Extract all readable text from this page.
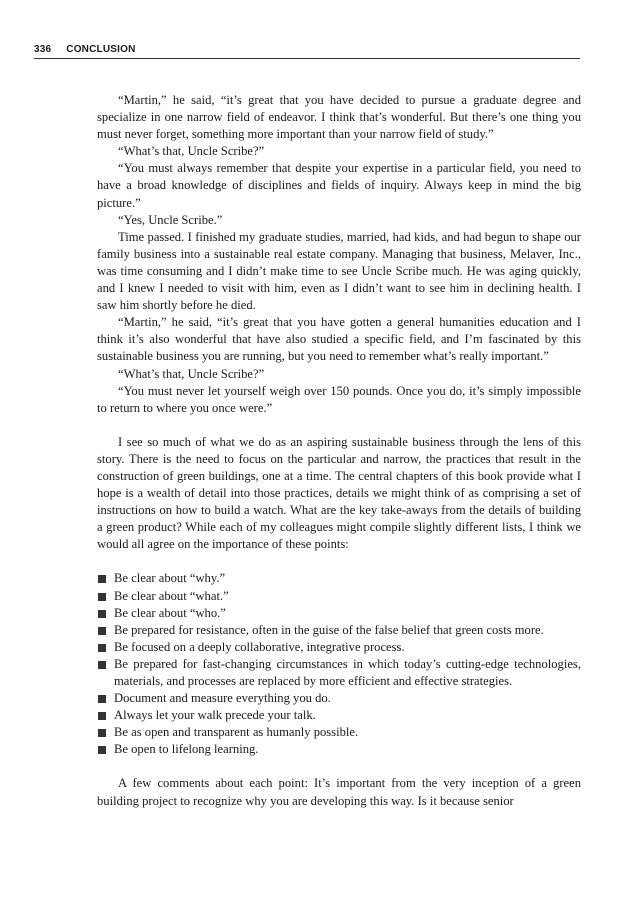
336 CONCLUSION

“Martin,” he said, “it’s great that you have decided to pursue a graduate degree and specialize in one narrow field of endeavor. I think that’s wonderful. But there’s one thing you must never forget, something more important than your narrow field of study.”

“What’s that, Uncle Scribe?”

“You must always remember that despite your expertise in a particular field, you need to have a broad knowledge of disciplines and fields of inquiry. Always keep in mind the big picture.”

“Yes, Uncle Scribe.”

Time passed. I finished my graduate studies, married, had kids, and had begun to shape our family business into a sustainable real estate company. Managing that business, Melaver, Inc., was time consuming and I didn’t make time to see Uncle Scribe much. He was aging quickly, and I knew I needed to visit with him, even as I didn’t want to see him in declining health. I saw him shortly before he died.

“Martin,” he said, “it’s great that you have gotten a general humanities education and I think it’s also wonderful that have also studied a specific field, and I’m fascinated by this sustainable business you are running, but you need to remember what’s really important.”

“What’s that, Uncle Scribe?”

“You must never let yourself weigh over 150 pounds. Once you do, it’s simply impossible to return to where you once were.”

I see so much of what we do as an aspiring sustainable business through the lens of this story. There is the need to focus on the particular and narrow, the practices that result in the construction of green buildings, one at a time. The central chapters of this book provide what I hope is a wealth of detail into those practices, details we might think of as comprising a set of instructions on how to build a watch. What are the key take-aways from the details of building a green product? While each of my colleagues might compile slightly different lists, I think we would all agree on the importance of these points:

Be clear about “why.”
Be clear about “what.”
Be clear about “who.”
Be prepared for resistance, often in the guise of the false belief that green costs more.
Be focused on a deeply collaborative, integrative process.
Be prepared for fast-changing circumstances in which today’s cutting-edge technologies, materials, and processes are replaced by more efficient and effective strategies.
Document and measure everything you do.
Always let your walk precede your talk.
Be as open and transparent as humanly possible.
Be open to lifelong learning.

A few comments about each point: It’s important from the very inception of a green building project to recognize why you are developing this way. Is it because senior
